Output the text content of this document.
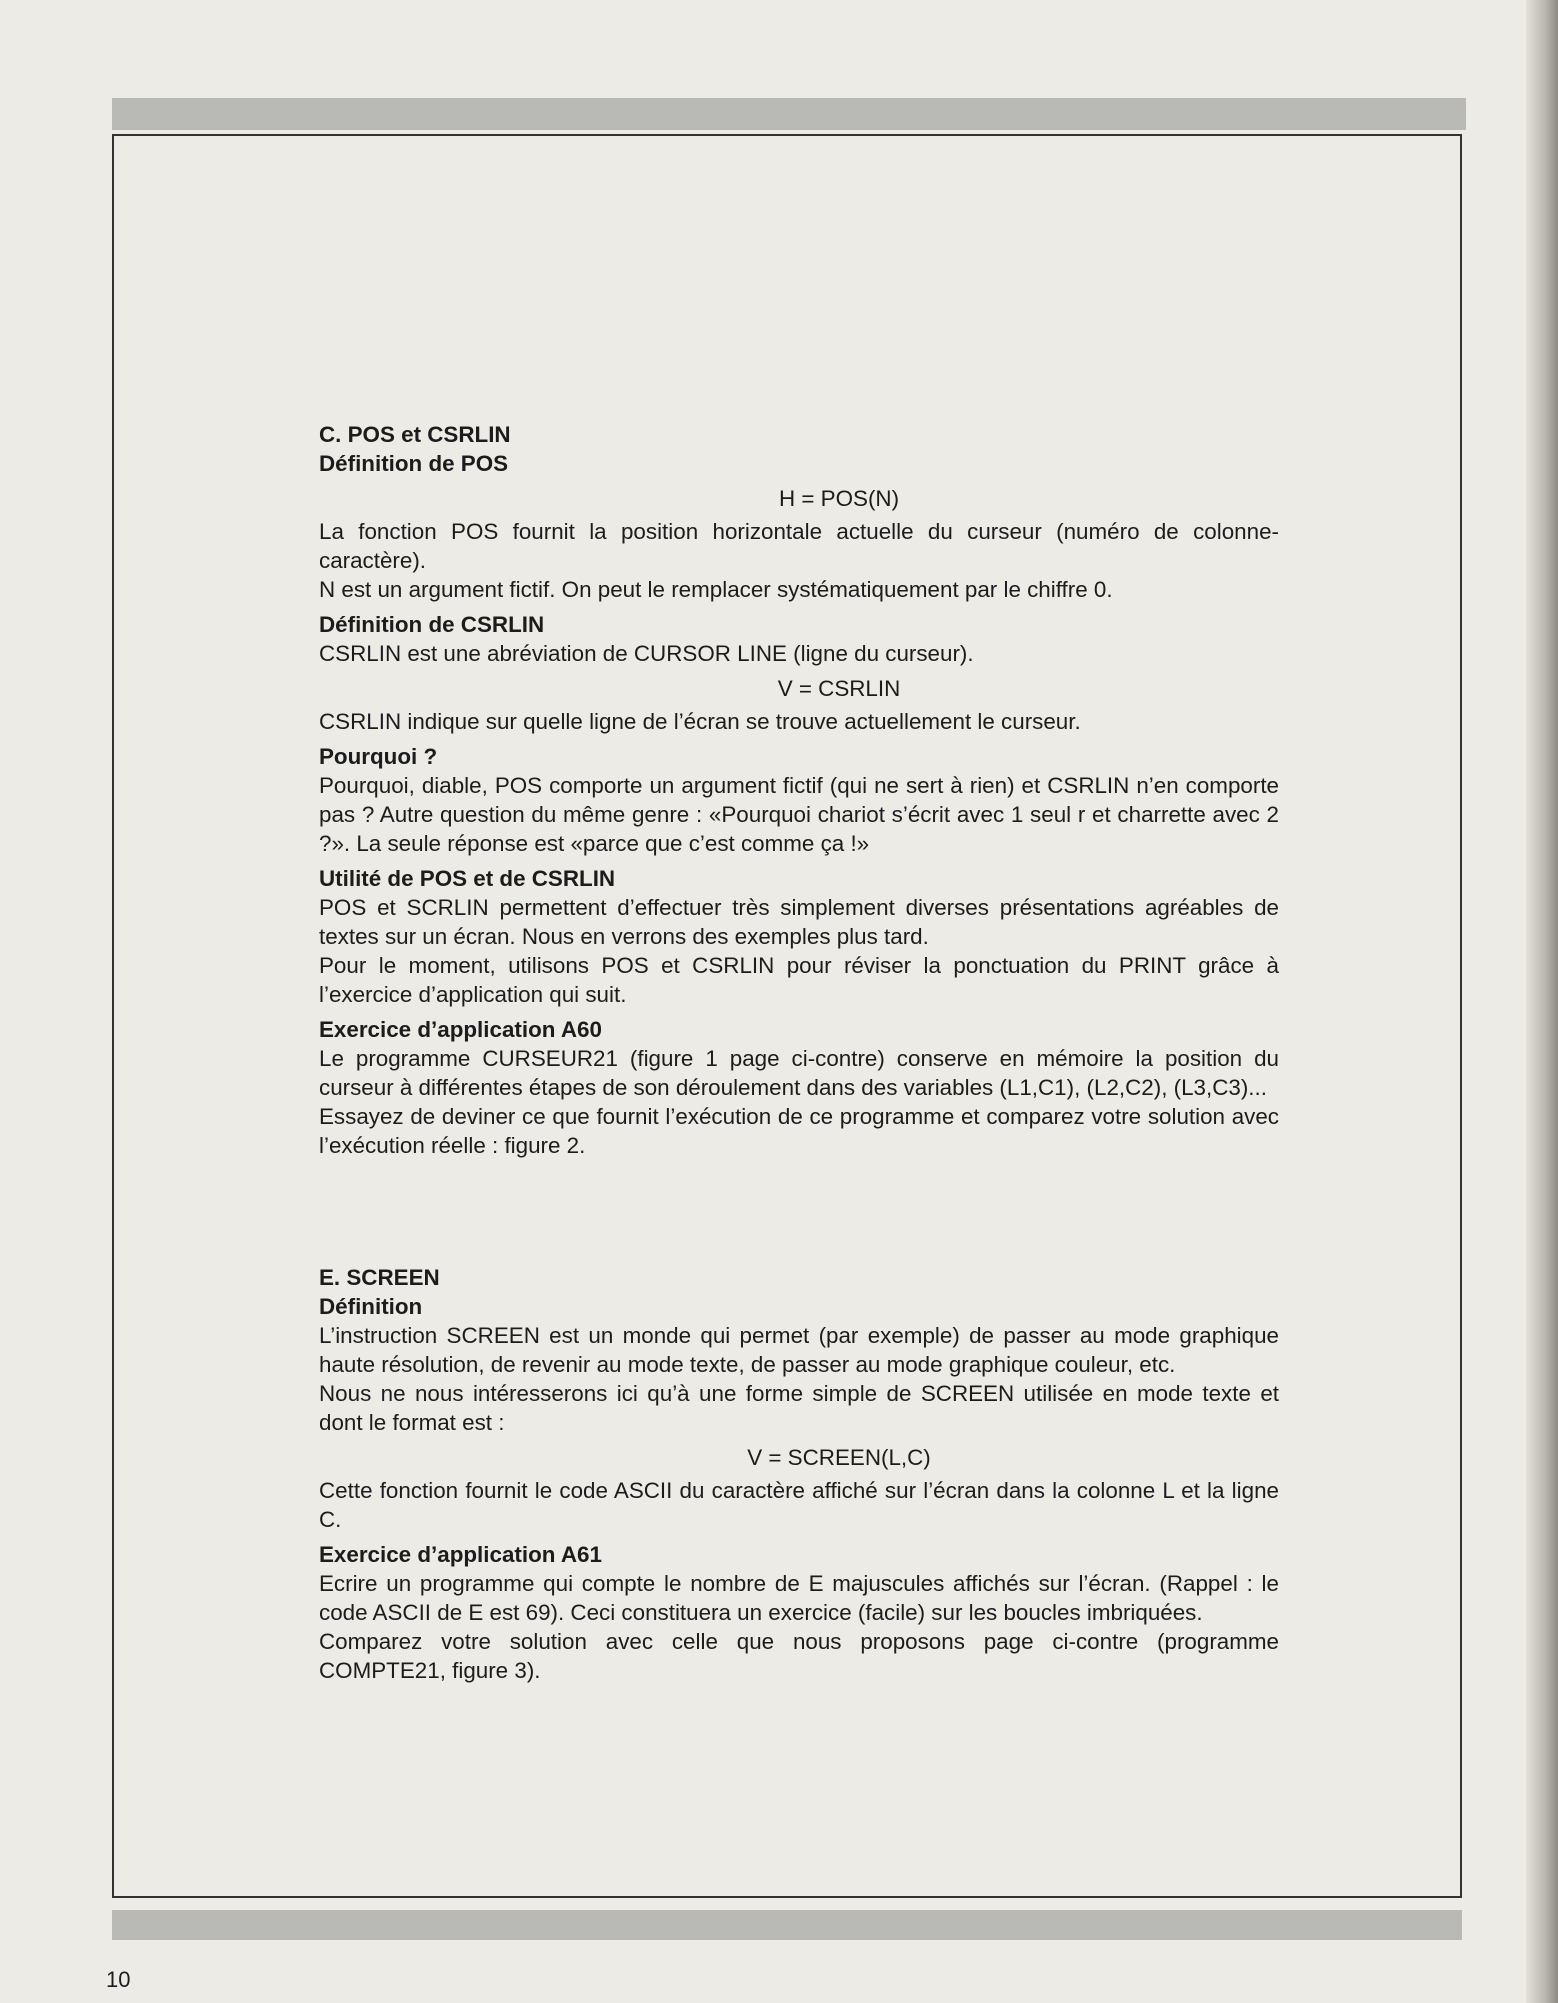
C. POS et CSRLIN
Définition de POS
H = POS(N)

La fonction POS fournit la position horizontale actuelle du curseur (numéro de colonne-caractère).

N est un argument fictif. On peut le remplacer systématiquement par le chiffre 0.

Définition de CSRLIN

CSRLIN est une abréviation de CURSOR LINE (ligne du curseur).

V = CSRLIN

CSRLIN indique sur quelle ligne de l’écran se trouve actuellement le curseur.

Pourquoi ?

Pourquoi, diable, POS comporte un argument fictif (qui ne sert à rien) et CSRLIN n’en comporte pas ? Autre question du même genre : «Pourquoi chariot s’écrit avec 1 seul r et charrette avec 2 ?». La seule réponse est «parce que c’est comme ça !»

Utilité de POS et de CSRLIN

POS et SCRLIN permettent d’effectuer très simplement diverses présentations agréables de textes sur un écran. Nous en verrons des exemples plus tard.

Pour le moment, utilisons POS et CSRLIN pour réviser la ponctuation du PRINT grâce à l’exercice d’application qui suit.

Exercice d’application A60

Le programme CURSEUR21 (figure 1 page ci-contre) conserve en mémoire la position du curseur à différentes étapes de son déroulement dans des variables (L1,C1), (L2,C2), (L3,C3)...

Essayez de deviner ce que fournit l’exécution de ce programme et comparez votre solution avec l’exécution réelle : figure 2.

E. SCREEN
Définition

L’instruction SCREEN est un monde qui permet (par exemple) de passer au mode graphique haute résolution, de revenir au mode texte, de passer au mode graphique couleur, etc.

Nous ne nous intéresserons ici qu’à une forme simple de SCREEN utilisée en mode texte et dont le format est :

V = SCREEN(L,C)

Cette fonction fournit le code ASCII du caractère affiché sur l’écran dans la colonne L et la ligne C.

Exercice d’application A61

Ecrire un programme qui compte le nombre de E majuscules affichés sur l’écran. (Rappel : le code ASCII de E est 69). Ceci constituera un exercice (facile) sur les boucles imbriquées.

Comparez votre solution avec celle que nous proposons page ci-contre (programme COMPTE21, figure 3).

10
